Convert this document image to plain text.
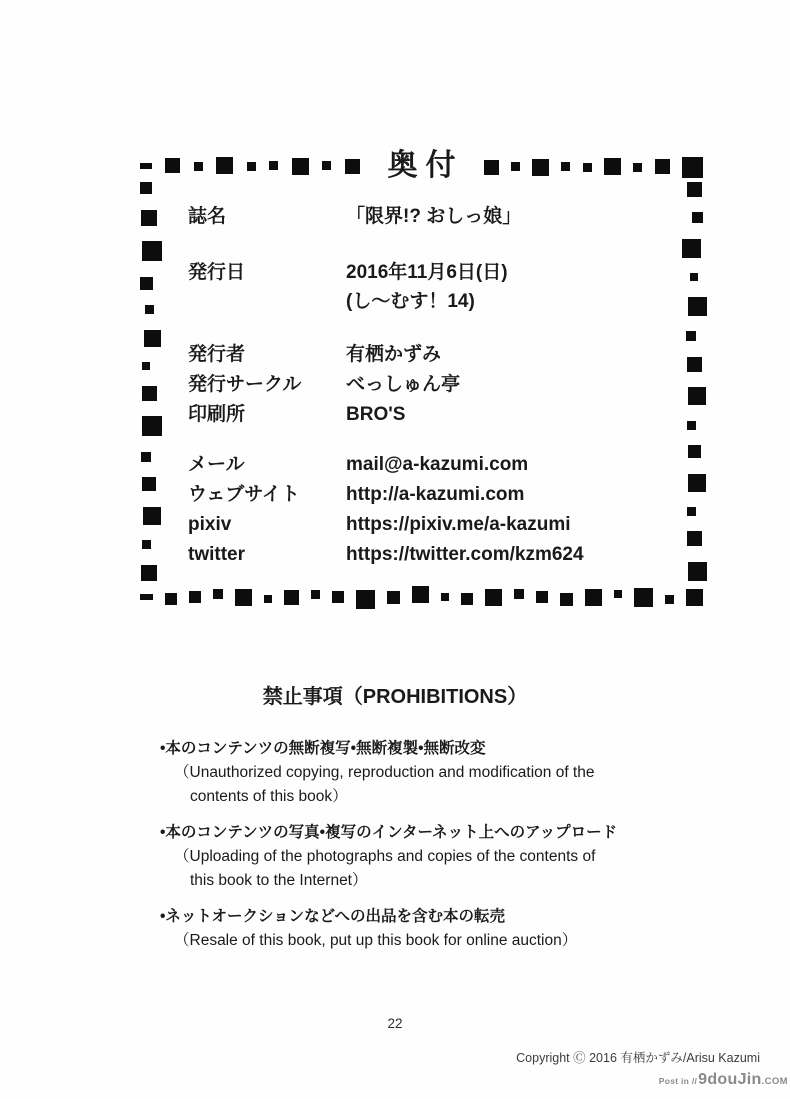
奥付
誌名	「限界!? おしっ娘」
発行日	2016年11月6日(日)
(し〜むす！14)
発行者	有栖かずみ
発行サークル	べっしゅん亭
印刷所	BRO'S
メール	mail@a-kazumi.com
ウェブサイト	http://a-kazumi.com
pixiv	https://pixiv.me/a-kazumi
twitter	https://twitter.com/kzm624
禁止事項（PROHIBITIONS）
•本のコンテンツの無断複写•無断複製•無断改変
（Unauthorized copying, reproduction and modification of the
contents of this book）
•本のコンテンツの写真•複写のインターネット上へのアップロード
（Uploading of the photographs and copies of the contents of
this book to the Internet）
•ネットオークションなどへの出品を含む本の転売
（Resale of this book, put up this book for online auction）
22
Copyright Ⓒ 2016 有栖かずみ/Arisu Kazumi
Post in // 9douJin .COM
